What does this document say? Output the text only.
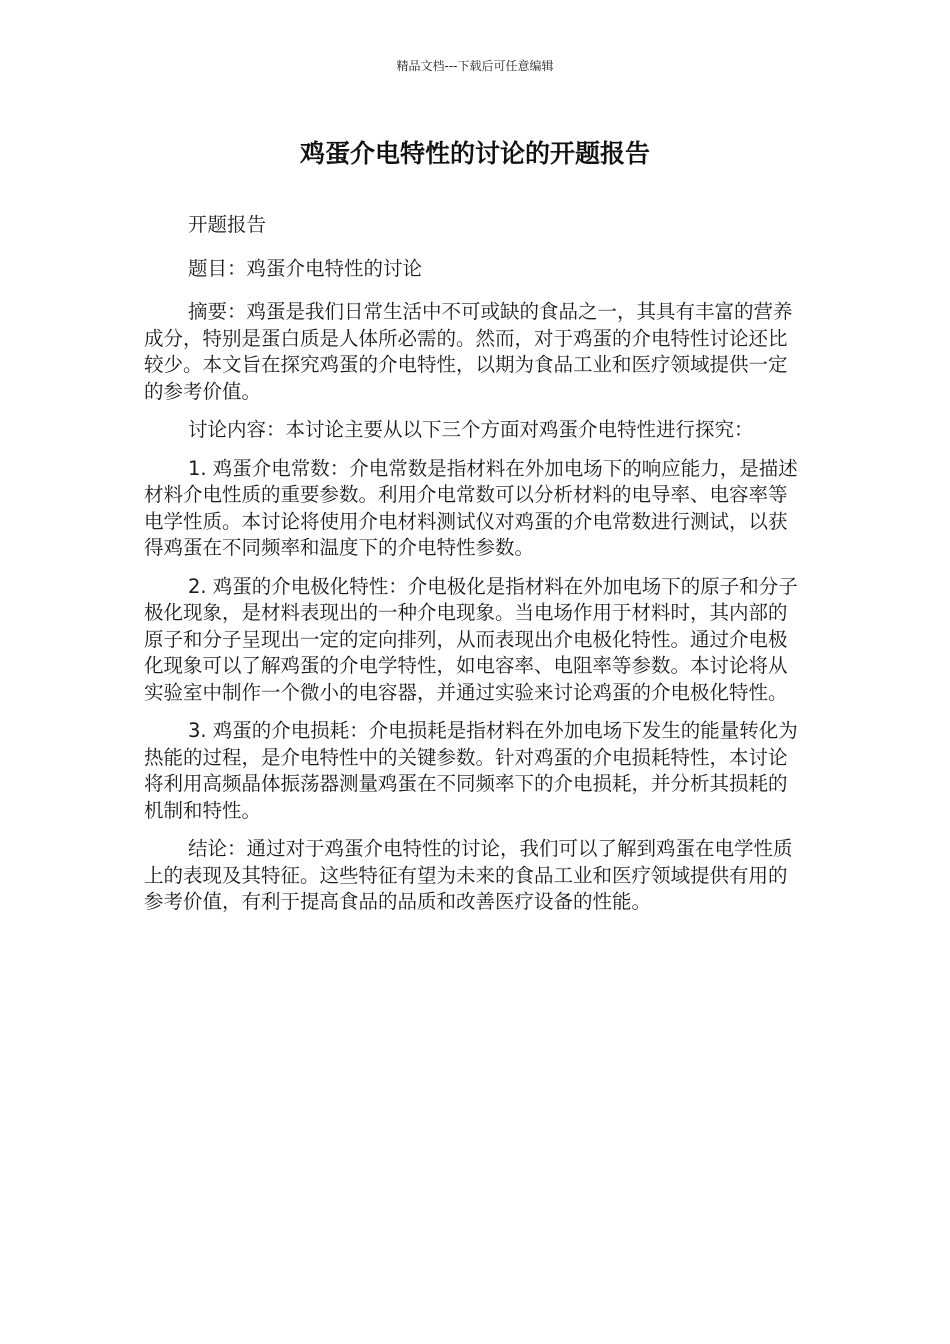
精品文档---下载后可任意编辑
鸡蛋介电特性的讨论的开题报告

开题报告

题目：鸡蛋介电特性的讨论

摘要：鸡蛋是我们日常生活中不可或缺的食品之一，其具有丰富的营养成分，特别是蛋白质是人体所必需的。然而，对于鸡蛋的介电特性讨论还比较少。本文旨在探究鸡蛋的介电特性，以期为食品工业和医疗领域提供一定的参考价值。

讨论内容：本讨论主要从以下三个方面对鸡蛋介电特性进行探究：

1. 鸡蛋介电常数：介电常数是指材料在外加电场下的响应能力，是描述材料介电性质的重要参数。利用介电常数可以分析材料的电导率、电容率等电学性质。本讨论将使用介电材料测试仪对鸡蛋的介电常数进行测试，以获得鸡蛋在不同频率和温度下的介电特性参数。

2. 鸡蛋的介电极化特性：介电极化是指材料在外加电场下的原子和分子极化现象，是材料表现出的一种介电现象。当电场作用于材料时，其内部的原子和分子呈现出一定的定向排列，从而表现出介电极化特性。通过介电极化现象可以了解鸡蛋的介电学特性，如电容率、电阻率等参数。本讨论将从实验室中制作一个微小的电容器，并通过实验来讨论鸡蛋的介电极化特性。

3. 鸡蛋的介电损耗：介电损耗是指材料在外加电场下发生的能量转化为热能的过程，是介电特性中的关键参数。针对鸡蛋的介电损耗特性，本讨论将利用高频晶体振荡器测量鸡蛋在不同频率下的介电损耗，并分析其损耗的机制和特性。

结论：通过对于鸡蛋介电特性的讨论，我们可以了解到鸡蛋在电学性质上的表现及其特征。这些特征有望为未来的食品工业和医疗领域提供有用的参考价值，有利于提高食品的品质和改善医疗设备的性能。
